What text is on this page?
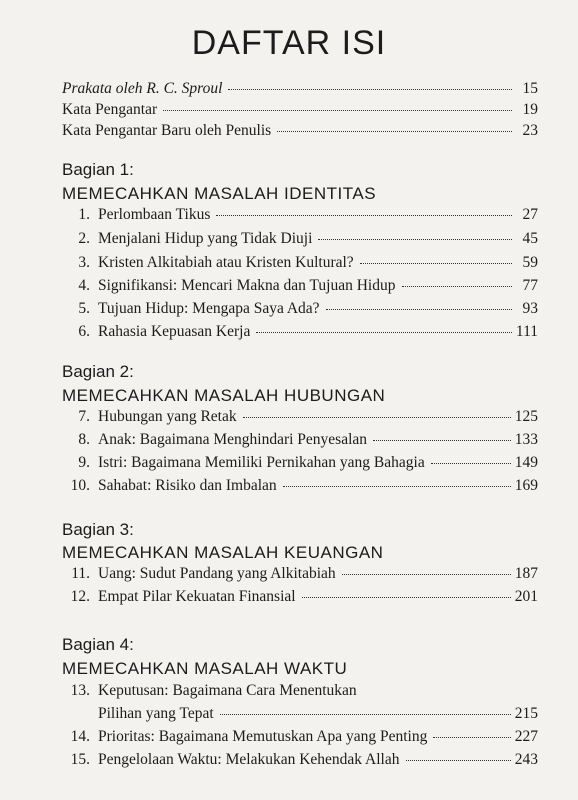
DAFTAR ISI
Prakata oleh R. C. Sproul	15
Kata Pengantar	19
Kata Pengantar Baru oleh Penulis	23
Bagian 1:
MEMECAHKAN MASALAH IDENTITAS
1. Perlombaan Tikus	27
2. Menjalani Hidup yang Tidak Diuji	45
3. Kristen Alkitabiah atau Kristen Kultural?	59
4. Signifikansi: Mencari Makna dan Tujuan Hidup	77
5. Tujuan Hidup: Mengapa Saya Ada?	93
6. Rahasia Kepuasan Kerja	111
Bagian 2:
MEMECAHKAN MASALAH HUBUNGAN
7. Hubungan yang Retak	125
8. Anak: Bagaimana Menghindari Penyesalan	133
9. Istri: Bagaimana Memiliki Pernikahan yang Bahagia	149
10. Sahabat: Risiko dan Imbalan	169
Bagian 3:
MEMECAHKAN MASALAH KEUANGAN
11. Uang: Sudut Pandang yang Alkitabiah	187
12. Empat Pilar Kekuatan Finansial	201
Bagian 4:
MEMECAHKAN MASALAH WAKTU
13. Keputusan: Bagaimana Cara Menentukan
Pilihan yang Tepat	215
14. Prioritas: Bagaimana Memutuskan Apa yang Penting	227
15. Pengelolaan Waktu: Melakukan Kehendak Allah	243
